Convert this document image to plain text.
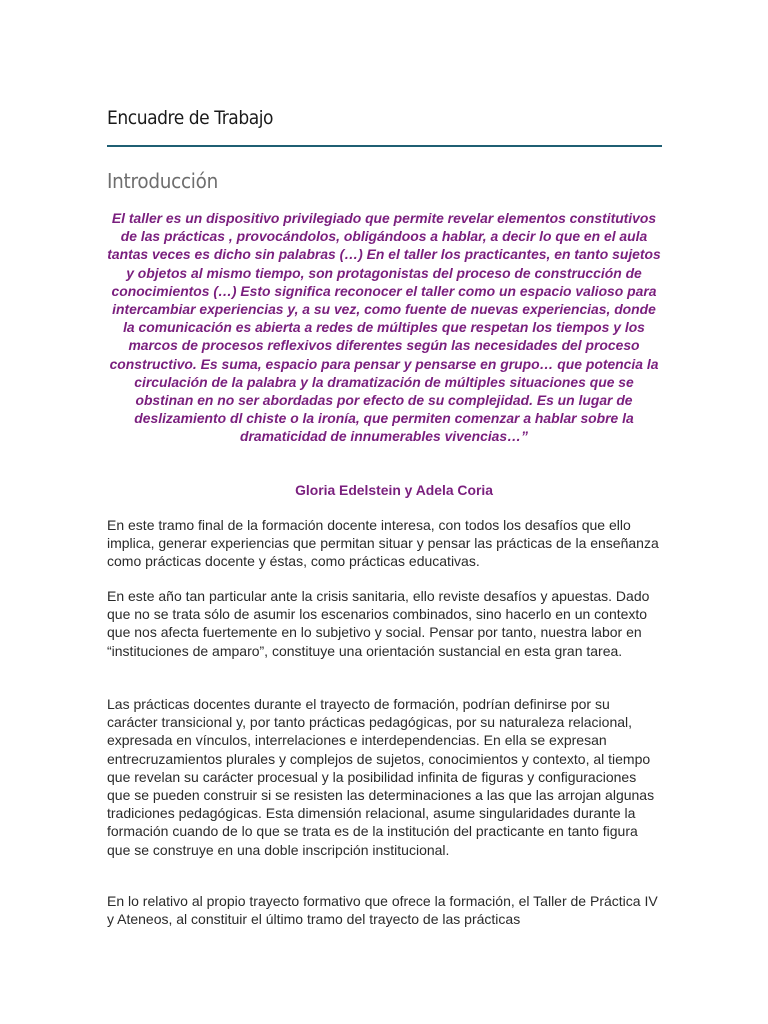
Encuadre de Trabajo
Introducción

El taller es un dispositivo privilegiado que permite revelar elementos constitutivos de las prácticas , provocándolos, obligándoos a hablar, a decir lo que en el aula tantas veces es dicho sin palabras (…) En el taller los practicantes, en tanto sujetos y objetos al mismo tiempo, son protagonistas del proceso de construcción de conocimientos (…) Esto significa reconocer el taller como un espacio valioso para intercambiar experiencias y, a su vez, como fuente de nuevas experiencias, donde la comunicación es abierta a redes de múltiples que respetan los tiempos y los marcos de procesos reflexivos diferentes según las necesidades del proceso constructivo. Es suma, espacio para pensar y pensarse en grupo… que potencia la circulación de la palabra y la dramatización de múltiples situaciones que se obstinan en no ser abordadas por efecto de su complejidad. Es un lugar de deslizamiento dl chiste o la ironía, que permiten comenzar a hablar sobre la dramaticidad de innumerables vivencias…”

Gloria Edelstein y Adela Coria

En este tramo final de la formación docente interesa, con todos los desafíos que ello implica, generar experiencias que permitan situar y pensar las prácticas de la enseñanza como prácticas docente y éstas, como prácticas educativas.

En este año tan particular ante la crisis sanitaria, ello reviste desafíos y apuestas. Dado que no se trata sólo de asumir los escenarios combinados, sino hacerlo en un contexto que nos afecta fuertemente en lo subjetivo y social. Pensar por tanto, nuestra labor en “instituciones de amparo”, constituye una orientación sustancial en esta gran tarea.

Las prácticas docentes durante el trayecto de formación, podrían definirse por su carácter transicional y, por tanto prácticas pedagógicas, por su naturaleza relacional, expresada en vínculos, interrelaciones e interdependencias. En ella se expresan entrecruzamientos plurales y complejos de sujetos, conocimientos y contexto, al tiempo que revelan su carácter procesual y la posibilidad infinita de figuras y configuraciones que se pueden construir si se resisten las determinaciones a las que las arrojan algunas tradiciones pedagógicas. Esta dimensión relacional, asume singularidades durante la formación cuando de lo que se trata es de la institución del practicante en tanto figura que se construye en una doble inscripción institucional.

En lo relativo al propio trayecto formativo que ofrece la formación, el Taller de Práctica IV y Ateneos, al constituir el último tramo del trayecto de las prácticas
